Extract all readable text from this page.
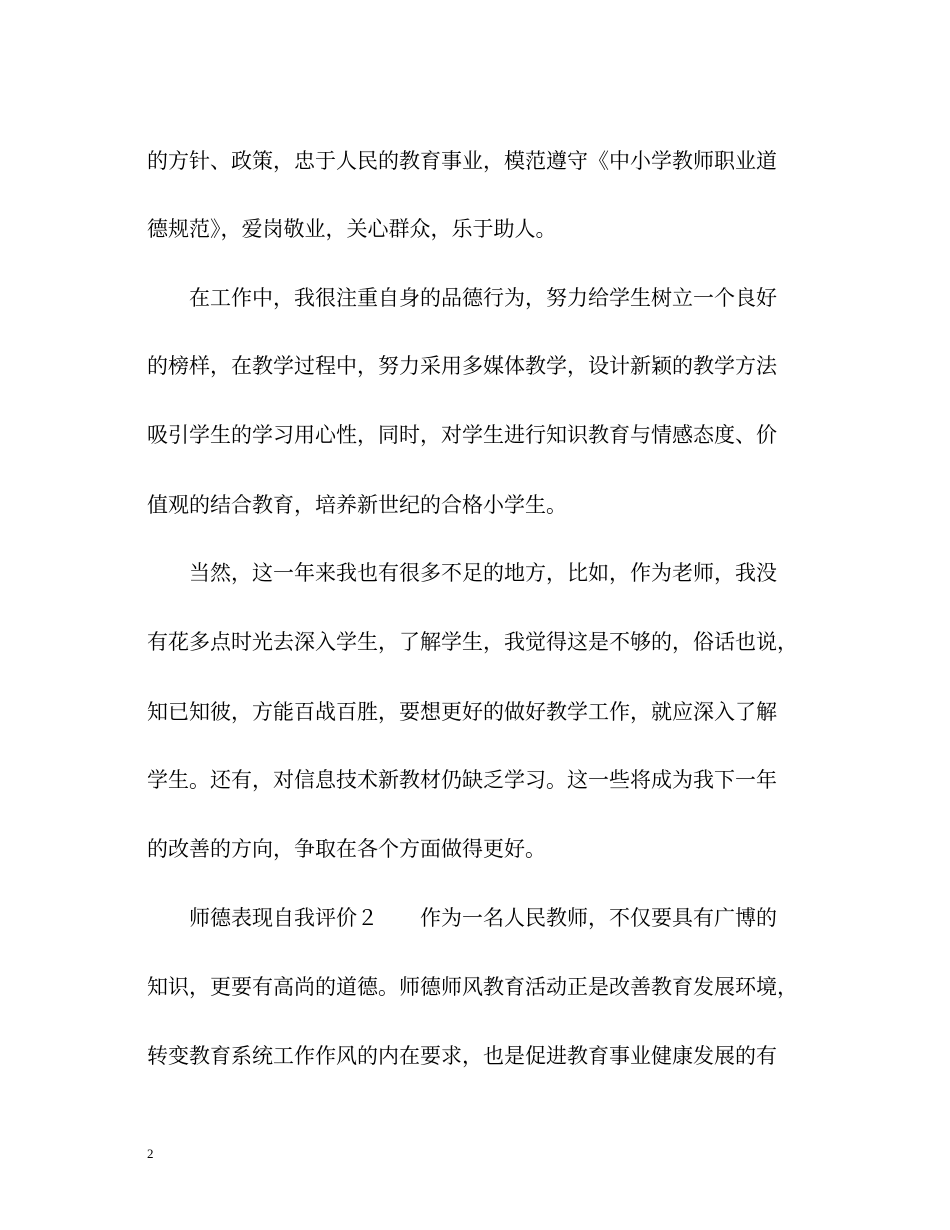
的方针、政策，忠于人民的教育事业，模范遵守《中小学教师职业道
德规范》，爱岗敬业，关心群众，乐于助人。
在工作中，我很注重自身的品德行为，努力给学生树立一个良好
的榜样，在教学过程中，努力采用多媒体教学，设计新颖的教学方法
吸引学生的学习用心性，同时，对学生进行知识教育与情感态度、价
值观的结合教育，培养新世纪的合格小学生。
当然，这一年来我也有很多不足的地方，比如，作为老师，我没
有花多点时光去深入学生，了解学生，我觉得这是不够的，俗话也说，
知已知彼，方能百战百胜，要想更好的做好教学工作，就应深入了解
学生。还有，对信息技术新教材仍缺乏学习。这一些将成为我下一年
的改善的方向，争取在各个方面做得更好。
师德表现自我评价２ 作为一名人民教师，不仅要具有广博的
知识，更要有高尚的道德。师德师风教育活动正是改善教育发展环境，
转变教育系统工作作风的内在要求，也是促进教育事业健康发展的有
2
